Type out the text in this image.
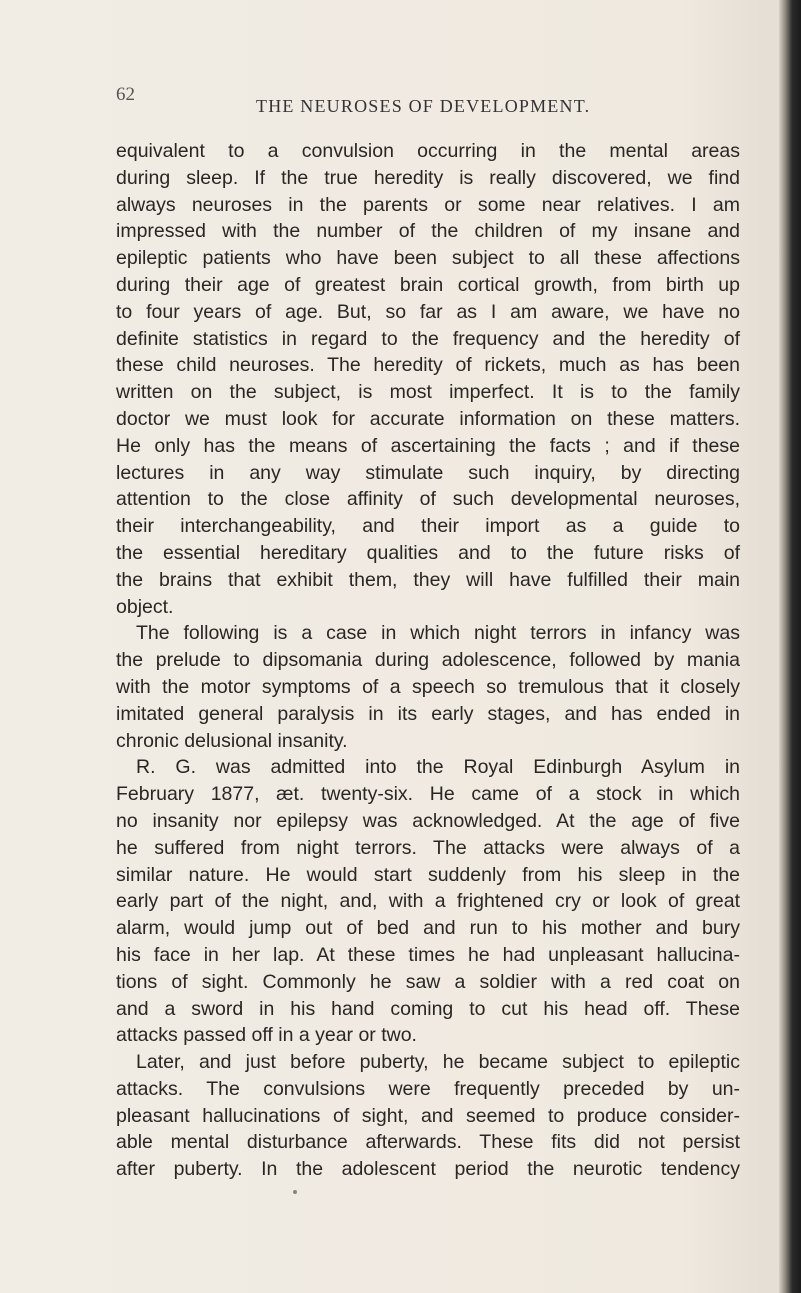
62
THE NEUROSES OF DEVELOPMENT.
equivalent to a convulsion occurring in the mental areas
during sleep. If the true heredity is really discovered, we find
always neuroses in the parents or some near relatives. I am
impressed with the number of the children of my insane and
epileptic patients who have been subject to all these affections
during their age of greatest brain cortical growth, from birth up
to four years of age. But, so far as I am aware, we have no
definite statistics in regard to the frequency and the heredity of
these child neuroses. The heredity of rickets, much as has been
written on the subject, is most imperfect. It is to the family
doctor we must look for accurate information on these matters.
He only has the means of ascertaining the facts ; and if these
lectures in any way stimulate such inquiry, by directing
attention to the close affinity of such developmental neuroses,
their interchangeability, and their import as a guide to
the essential hereditary qualities and to the future risks of
the brains that exhibit them, they will have fulfilled their main
object.
The following is a case in which night terrors in infancy was
the prelude to dipsomania during adolescence, followed by mania
with the motor symptoms of a speech so tremulous that it closely
imitated general paralysis in its early stages, and has ended in
chronic delusional insanity.
R. G. was admitted into the Royal Edinburgh Asylum in
February 1877, æt. twenty-six. He came of a stock in which
no insanity nor epilepsy was acknowledged. At the age of five
he suffered from night terrors. The attacks were always of a
similar nature. He would start suddenly from his sleep in the
early part of the night, and, with a frightened cry or look of great
alarm, would jump out of bed and run to his mother and bury
his face in her lap. At these times he had unpleasant hallucina-
tions of sight. Commonly he saw a soldier with a red coat on
and a sword in his hand coming to cut his head off. These
attacks passed off in a year or two.
Later, and just before puberty, he became subject to epileptic
attacks. The convulsions were frequently preceded by un-
pleasant hallucinations of sight, and seemed to produce consider-
able mental disturbance afterwards. These fits did not persist
after puberty. In the adolescent period the neurotic tendency
